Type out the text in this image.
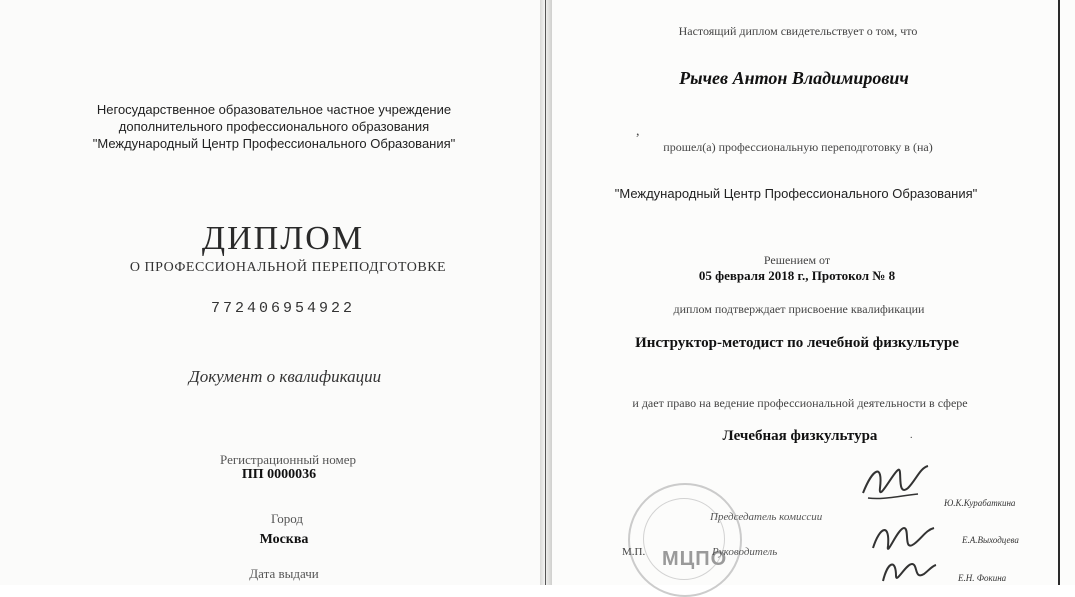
Негосударственное образовательное частное учреждение
дополнительного профессионального образования
"Международный Центр Профессионального Образования"
ДИПЛОМ
О ПРОФЕССИОНАЛЬНОЙ ПЕРЕПОДГОТОВКЕ
772406954922
Документ о квалификации
Регистрационный номер
ПП 0000036
Город
Москва
Дата выдачи
Настоящий диплом свидетельствует о том, что
Рычев Антон Владимирович
,
прошел(а) профессиональную переподготовку в (на)
"Международный Центр Профессионального Образования"
Решением от
05 февраля 2018 г., Протокол № 8
диплом подтверждает присвоение квалификации
Инструктор-методист по лечебной физкультуре
и дает право на ведение профессиональной деятельности в сфере
Лечебная физкультура	.
МЦПО
М.П.
Председатель комиссии
Руководитель
Ю.К.Курабаткина
Е.А.Выходцева
Е.Н. Фокина
